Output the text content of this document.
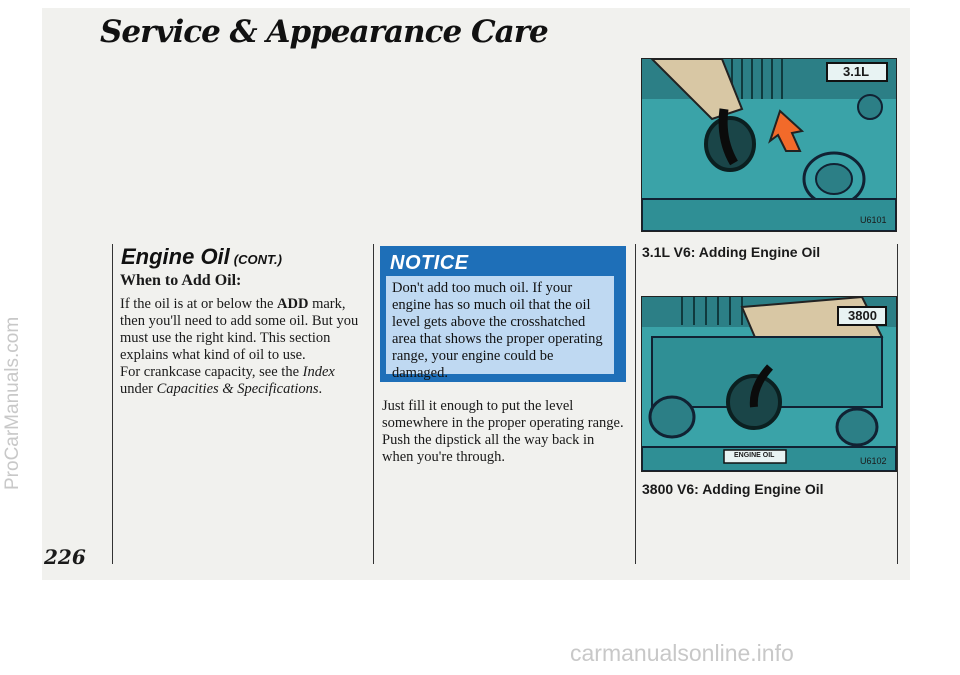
Service & Appearance Care
ProCarManuals.com
carmanualsonline.info
Engine Oil (CONT.)
When to Add Oil:
If the oil is at or below the ADD mark, then you'll need to add some oil. But you must use the right kind. This section explains what kind of oil to use.
For crankcase capacity, see the Index under Capacities & Specifications.
NOTICE
Don't add too much oil. If your engine has so much oil that the oil level gets above the crosshatched area that shows the proper operating range, your engine could be damaged.
Just fill it enough to put the level somewhere in the proper operating range. Push the dipstick all the way back in when you're through.
3.1L
U6101
3.1L V6: Adding Engine Oil
3800
ENGINE OIL
U6102
3800 V6: Adding Engine Oil
226
